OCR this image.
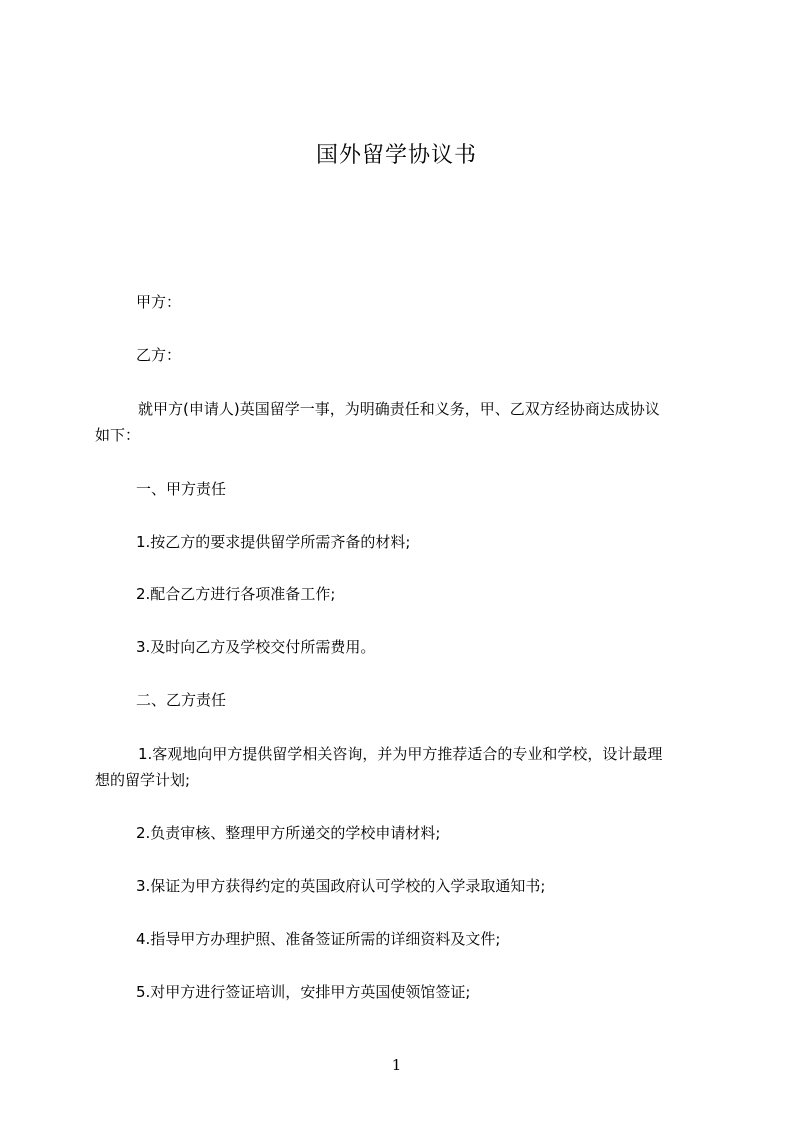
国外留学协议书
甲方：
乙方：
就甲方(申请人)英国留学一事，为明确责任和义务，甲、乙双方经协商达成协议
如下：
一、甲方责任
1.按乙方的要求提供留学所需齐备的材料;
2.配合乙方进行各项准备工作;
3.及时向乙方及学校交付所需费用。
二、乙方责任
1.客观地向甲方提供留学相关咨询，并为甲方推荐适合的专业和学校，设计最理
想的留学计划;
2.负责审核、整理甲方所递交的学校申请材料;
3.保证为甲方获得约定的英国政府认可学校的入学录取通知书;
4.指导甲方办理护照、准备签证所需的详细资料及文件;
5.对甲方进行签证培训，安排甲方英国使领馆签证;
1
